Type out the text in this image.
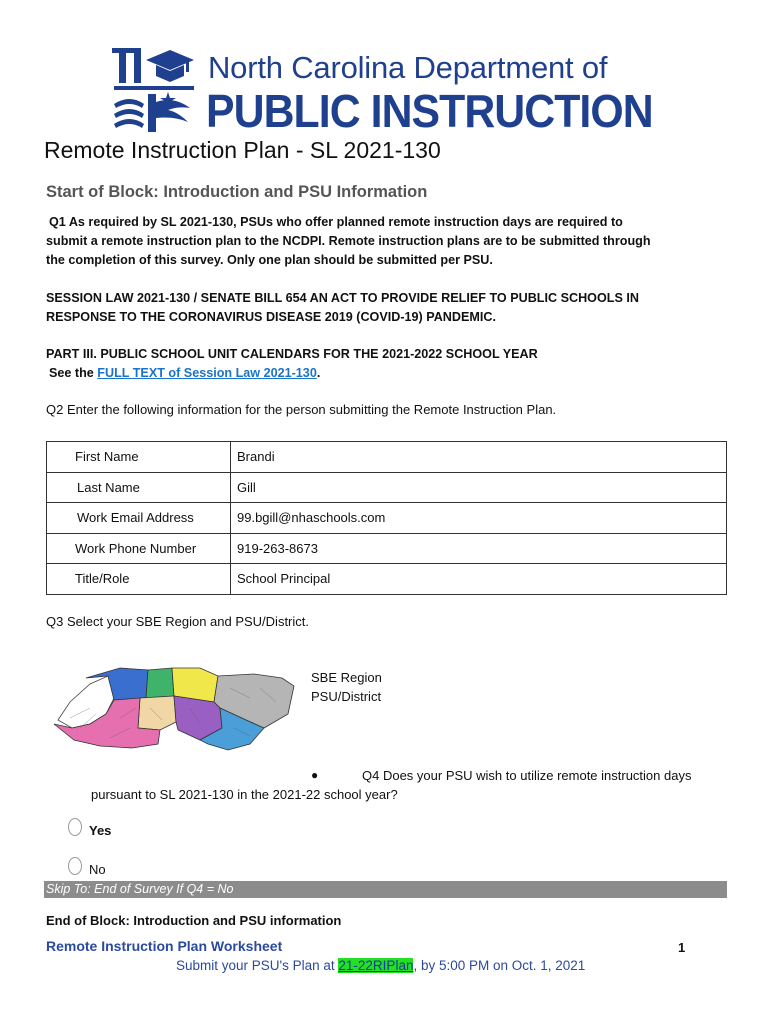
North Carolina Department of
PUBLIC INSTRUCTION
Remote Instruction Plan - SL 2021-130
Start of Block: Introduction and PSU Information
Q1 As required by SL 2021-130, PSUs who offer planned remote instruction days are required to
submit a remote instruction plan to the NCDPI. Remote instruction plans are to be submitted through
the completion of this survey. Only one plan should be submitted per PSU.
SESSION LAW 2021-130 / SENATE BILL 654 AN ACT TO PROVIDE RELIEF TO PUBLIC SCHOOLS IN
RESPONSE TO THE CORONAVIRUS DISEASE 2019 (COVID-19) PANDEMIC.
PART III. PUBLIC SCHOOL UNIT CALENDARS FOR THE 2021-2022 SCHOOL YEAR
See the FULL TEXT of Session Law 2021-130.
Q2 Enter the following information for the person submitting the Remote Instruction Plan.
First Name	Brandi
Last Name	Gill
Work Email Address	99.bgill@nhaschools.com
Work Phone Number	919-263-8673
Title/Role	School Principal
Q3 Select your SBE Region and PSU/District.
SBE Region
PSU/District
●	Q4 Does your PSU wish to utilize remote instruction days
pursuant to SL 2021-130 in the 2021-22 school year?
Yes
No
Skip To: End of Survey If Q4 = No
End of Block: Introduction and PSU information
Remote Instruction Plan Worksheet	1
Submit your PSU's Plan at 21-22RIPlan, by 5:00 PM on Oct. 1, 2021
